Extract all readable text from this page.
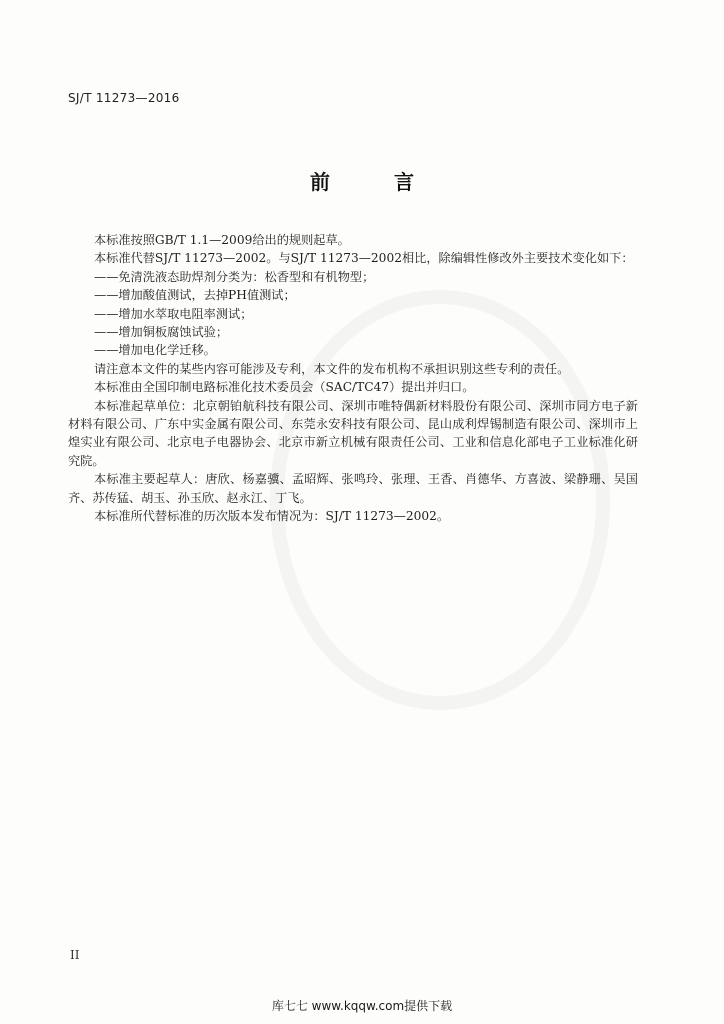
SJ/T 11273—2016
前　言

本标准按照GB/T 1.1—2009给出的规则起草。

本标准代替SJ/T 11273—2002。与SJ/T 11273—2002相比，除编辑性修改外主要技术变化如下：

——免清洗液态助焊剂分类为：松香型和有机物型；

——增加酸值测试，去掉PH值测试；

——增加水萃取电阻率测试；

——增加铜板腐蚀试验；

——增加电化学迁移。

请注意本文件的某些内容可能涉及专利，本文件的发布机构不承担识别这些专利的责任。

本标准由全国印制电路标准化技术委员会（SAC/TC47）提出并归口。

本标准起草单位：北京朝铂航科技有限公司、深圳市唯特偶新材料股份有限公司、深圳市同方电子新材料有限公司、广东中实金属有限公司、东莞永安科技有限公司、昆山成利焊锡制造有限公司、深圳市上煌实业有限公司、北京电子电器协会、北京市新立机械有限责任公司、工业和信息化部电子工业标准化研究院。

本标准主要起草人：唐欣、杨嘉骥、孟昭辉、张鸣玲、张理、王香、肖德华、方喜波、梁静珊、吴国齐、苏传猛、胡玉、孙玉欣、赵永江、丁飞。

本标准所代替标准的历次版本发布情况为：SJ/T 11273—2002。

II
库七七 www.kqqw.com提供下载
